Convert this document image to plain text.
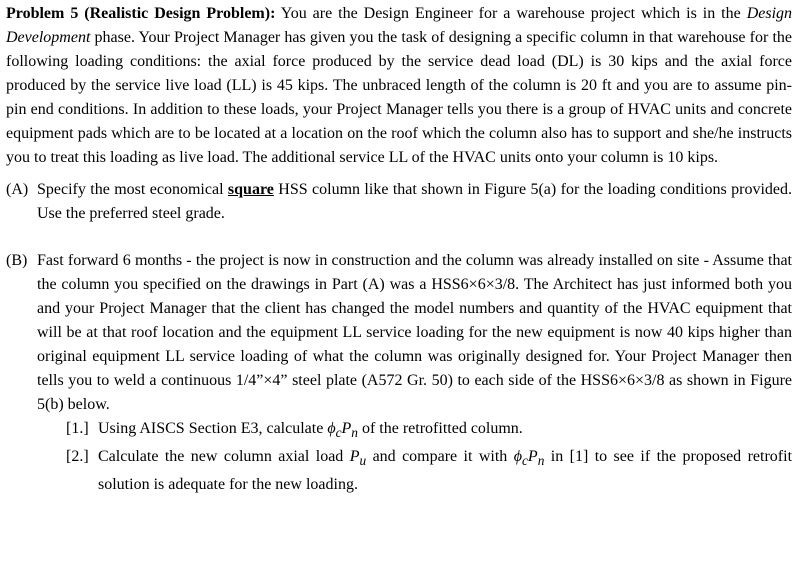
Problem 5 (Realistic Design Problem): You are the Design Engineer for a warehouse project which is in the Design Development phase. Your Project Manager has given you the task of designing a specific column in that warehouse for the following loading conditions: the axial force produced by the service dead load (DL) is 30 kips and the axial force produced by the service live load (LL) is 45 kips. The unbraced length of the column is 20 ft and you are to assume pin-pin end conditions. In addition to these loads, your Project Manager tells you there is a group of HVAC units and concrete equipment pads which are to be located at a location on the roof which the column also has to support and she/he instructs you to treat this loading as live load. The additional service LL of the HVAC units onto your column is 10 kips.

(A) Specify the most economical square HSS column like that shown in Figure 5(a) for the loading conditions provided. Use the preferred steel grade.
(B) Fast forward 6 months - the project is now in construction and the column was already installed on site - Assume that the column you specified on the drawings in Part (A) was a HSS6×6×3/8. The Architect has just informed both you and your Project Manager that the client has changed the model numbers and quantity of the HVAC equipment that will be at that roof location and the equipment LL service loading for the new equipment is now 40 kips higher than original equipment LL service loading of what the column was originally designed for. Your Project Manager then tells you to weld a continuous 1/4”×4” steel plate (A572 Gr. 50) to each side of the HSS6×6×3/8 as shown in Figure 5(b) below.
[1.] Using AISCS Section E3, calculate $\phi_cP_n$ of the retrofitted column.
[2.] Calculate the new column axial load $P_u$ and compare it with $\phi_cP_n$ in [1] to see if the proposed retrofit solution is adequate for the new loading.
